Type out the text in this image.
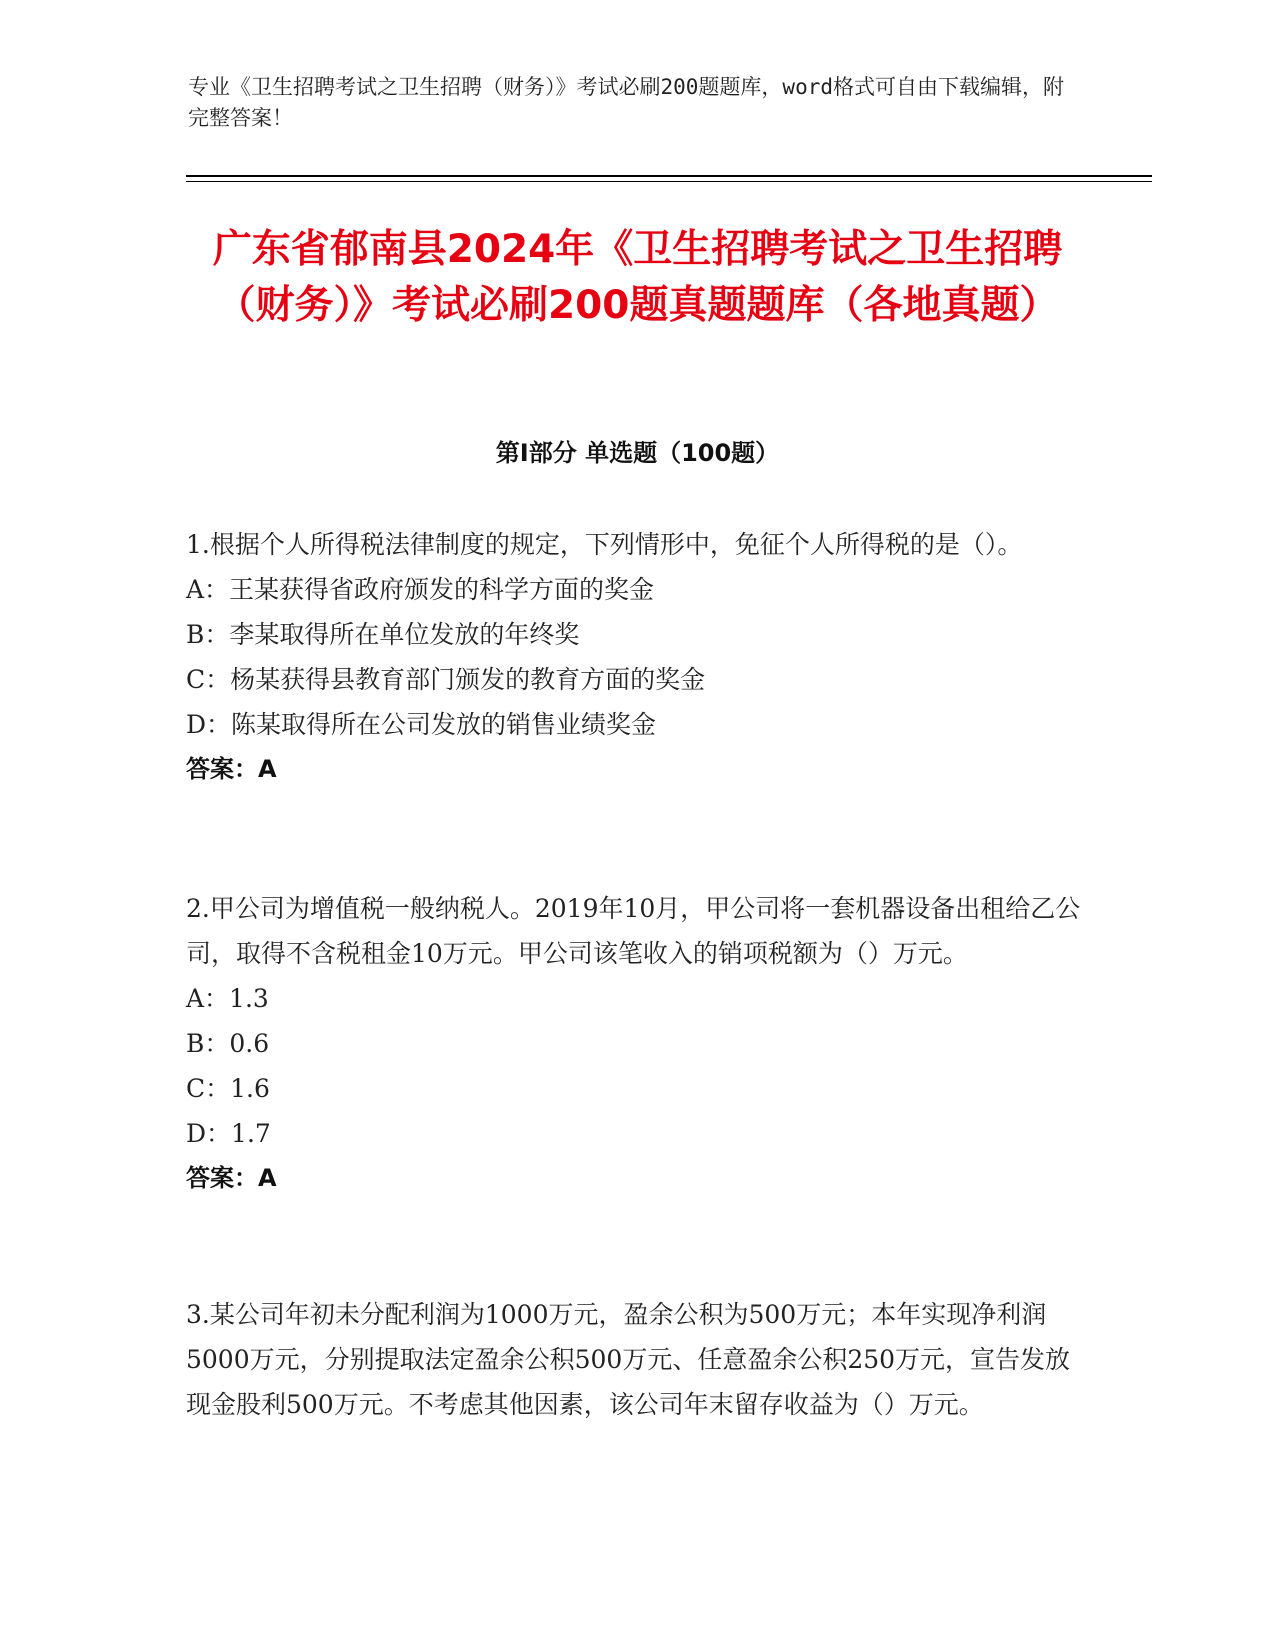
专业《卫生招聘考试之卫生招聘（财务）》考试必刷200题题库，word格式可自由下载编辑，附完整答案！
广东省郁南县2024年《卫生招聘考试之卫生招聘（财务）》考试必刷200题真题题库（各地真题）
第Ⅰ部分 单选题（100题）
1.根据个人所得税法律制度的规定，下列情形中，免征个人所得税的是（）。
A：王某获得省政府颁发的科学方面的奖金
B：李某取得所在单位发放的年终奖
C：杨某获得县教育部门颁发的教育方面的奖金
D：陈某取得所在公司发放的销售业绩奖金
答案：A
2.甲公司为增值税一般纳税人。2019年10月，甲公司将一套机器设备出租给乙公司，取得不含税租金10万元。甲公司该笔收入的销项税额为（）万元。
A：1.3
B：0.6
C：1.6
D：1.7
答案：A
3.某公司年初未分配利润为1000万元，盈余公积为500万元；本年实现净利润5000万元，分别提取法定盈余公积500万元、任意盈余公积250万元，宣告发放现金股利500万元。不考虑其他因素，该公司年末留存收益为（）万元。
